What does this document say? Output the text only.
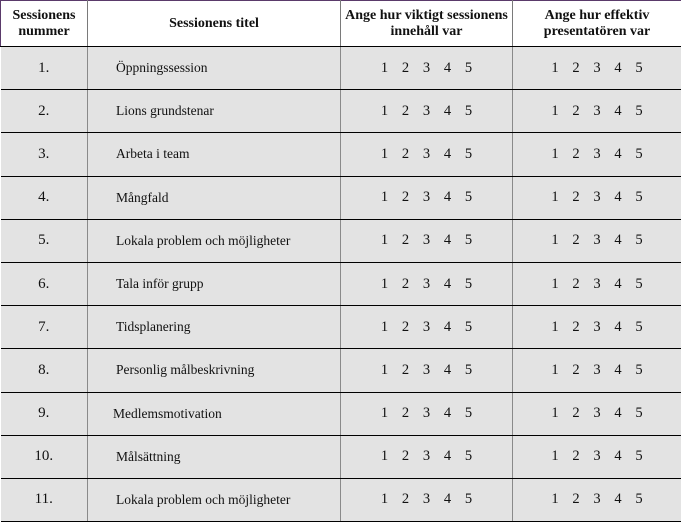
Sessionens nummer	Sessionens titel	Ange hur viktigt sessionens innehåll var	Ange hur effektiv presentatören var
1.	Öppningssession	1 2 3 4 5	1 2 3 4 5

2.	Lions grundstenar	1 2 3 4 5	1 2 3 4 5

3.	Arbeta i team	1 2 3 4 5	1 2 3 4 5

4.	Mångfald	1 2 3 4 5	1 2 3 4 5

5.	Lokala problem och möjligheter	1 2 3 4 5	1 2 3 4 5

6.	Tala inför grupp	1 2 3 4 5	1 2 3 4 5

7.	Tidsplanering	1 2 3 4 5	1 2 3 4 5

8.	Personlig målbeskrivning	1 2 3 4 5	1 2 3 4 5

9.	Medlemsmotivation	1 2 3 4 5	1 2 3 4 5

10.	Målsättning	1 2 3 4 5	1 2 3 4 5

11.	Lokala problem och möjligheter	1 2 3 4 5	1 2 3 4 5
